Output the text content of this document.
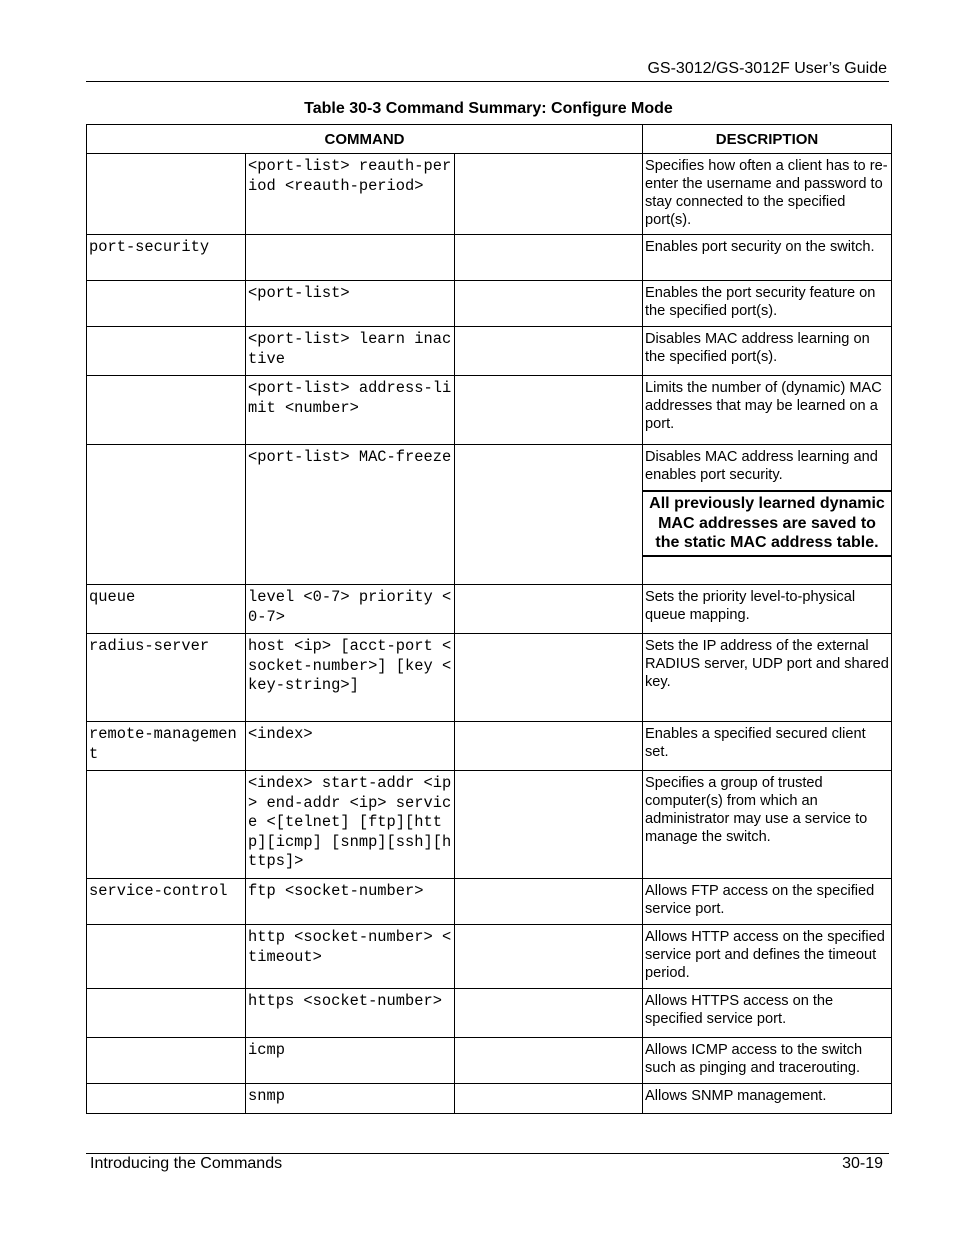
GS-3012/GS-3012F User’s Guide
Table 30-3 Command Summary: Configure Mode
COMMAND			DESCRIPTION

	<port-list> reauth-period <reauth-period>		Specifies how often a client has to re-enter the username and password to stay connected to the specified port(s).

port-security			Enables port security on the switch.

	<port-list>		Enables the port security feature on the specified port(s).

	<port-list> learn inactive		Disables MAC address learning on the specified port(s).

	<port-list> address-limit <number>		Limits the number of (dynamic) MAC addresses that may be learned on a port.

	<port-list> MAC-freeze		Disables MAC address learning and enables port security.
All previously learned dynamic MAC addresses are saved to the static MAC address table.

queue	level <0-7> priority <0-7>		Sets the priority level-to-physical queue mapping.

radius-server	host <ip> [acct-port <socket-number>] [key <key-string>]		Sets the IP address of the external RADIUS server, UDP port and shared key.

remote-management	<index>		Enables a specified secured client set.

	<index> start-addr <ip> end-addr <ip> service <[telnet] [ftp][http][icmp] [snmp][ssh][https]>		Specifies a group of trusted computer(s) from which an administrator may use a service to manage the switch.

service-control	ftp <socket-number>		Allows FTP access on the specified service port.

	http <socket-number> <timeout>		Allows HTTP access on the specified service port and defines the timeout period.

	https <socket-number>		Allows HTTPS access on the specified service port.

	icmp		Allows ICMP access to the switch such as pinging and tracerouting.

	snmp		Allows SNMP management.
Introducing the Commands	30-19
